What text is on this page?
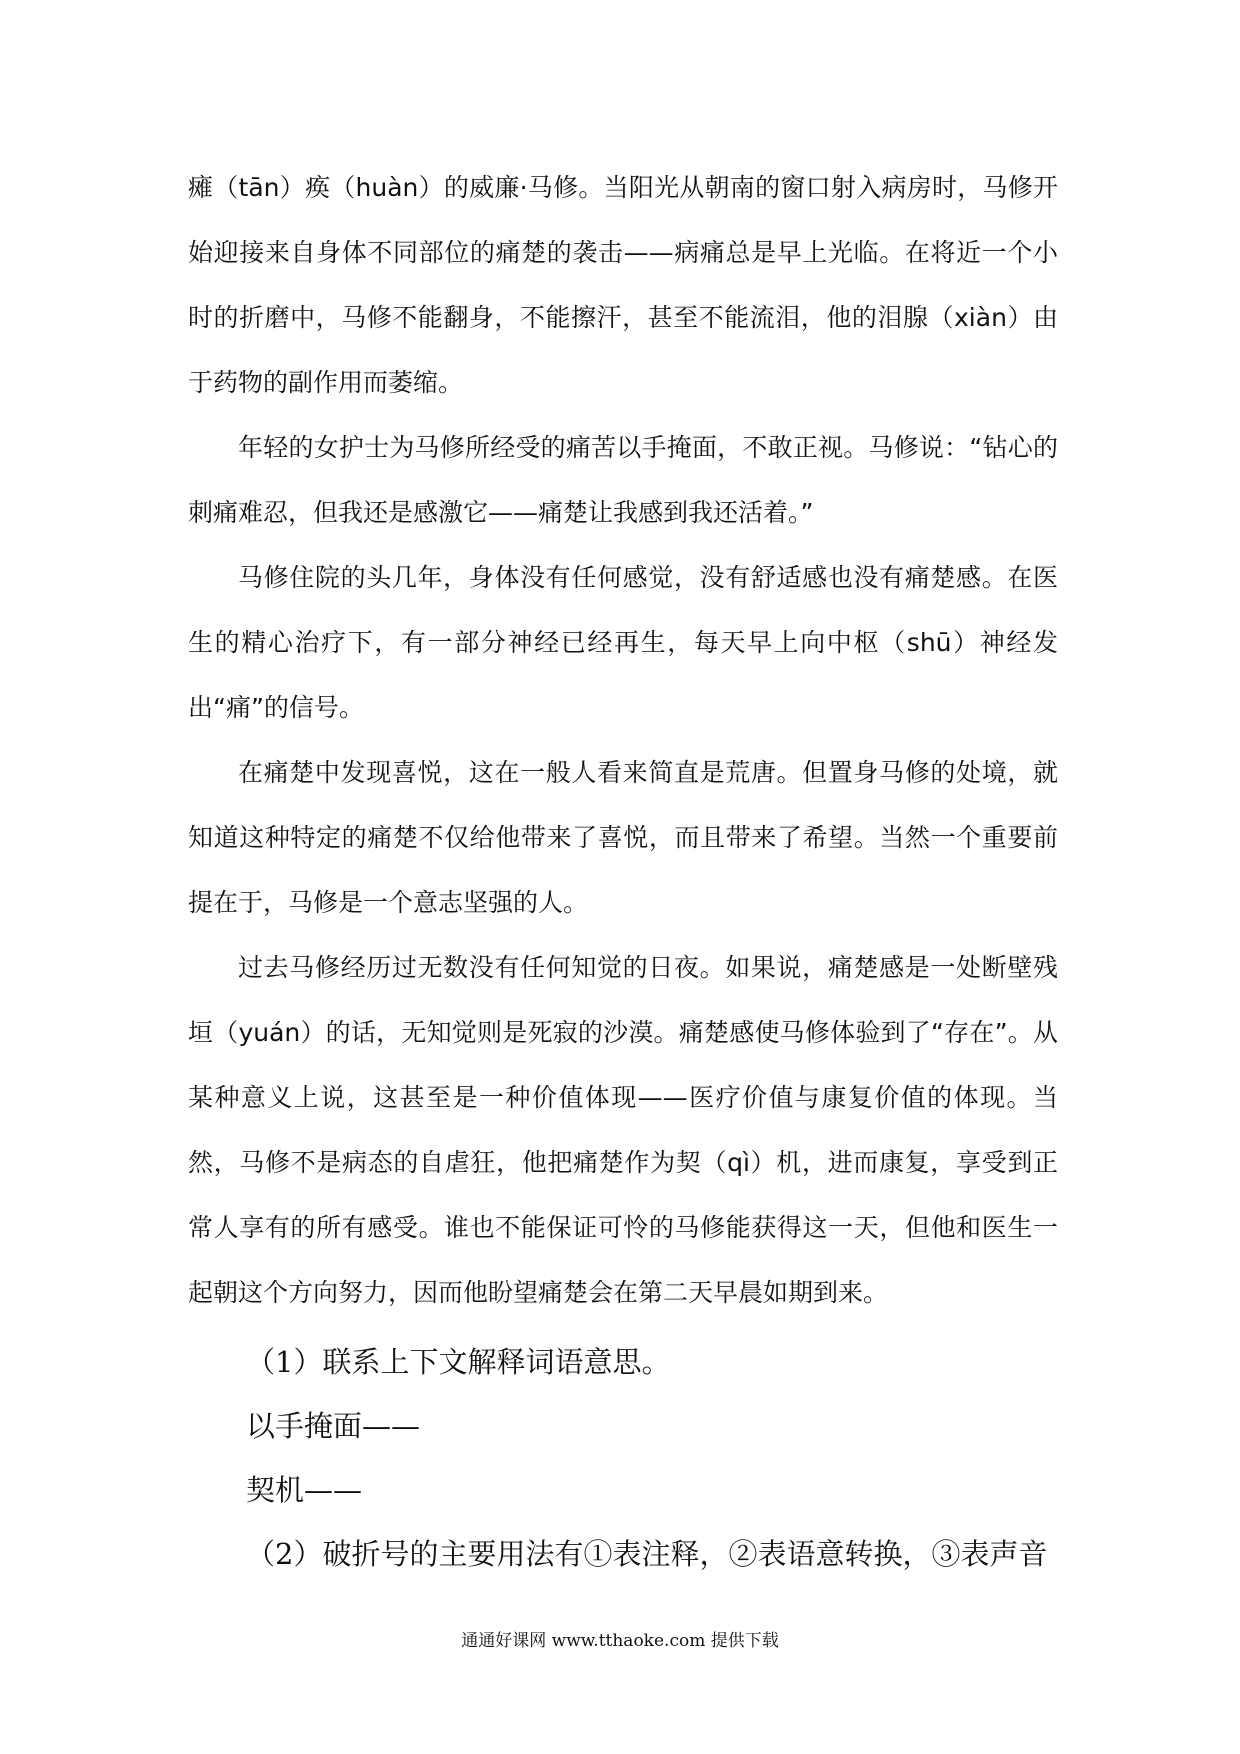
瘫（tān）痪（huàn）的威廉·马修。当阳光从朝南的窗口射入病房时，马修开始迎接来自身体不同部位的痛楚的袭击——病痛总是早上光临。在将近一个小时的折磨中，马修不能翻身，不能擦汗，甚至不能流泪，他的泪腺（xiàn）由于药物的副作用而萎缩。

年轻的女护士为马修所经受的痛苦以手掩面，不敢正视。马修说：“钻心的刺痛难忍，但我还是感激它——痛楚让我感到我还活着。”

马修住院的头几年，身体没有任何感觉，没有舒适感也没有痛楚感。在医生的精心治疗下，有一部分神经已经再生，每天早上向中枢（shū）神经发出“痛”的信号。

在痛楚中发现喜悦，这在一般人看来简直是荒唐。但置身马修的处境，就知道这种特定的痛楚不仅给他带来了喜悦，而且带来了希望。当然一个重要前提在于，马修是一个意志坚强的人。

过去马修经历过无数没有任何知觉的日夜。如果说，痛楚感是一处断壁残垣（yuán）的话，无知觉则是死寂的沙漠。痛楚感使马修体验到了“存在”。从某种意义上说，这甚至是一种价值体现——医疗价值与康复价值的体现。当然，马修不是病态的自虐狂，他把痛楚作为契（qì）机，进而康复，享受到正常人享有的所有感受。谁也不能保证可怜的马修能获得这一天，但他和医生一起朝这个方向努力，因而他盼望痛楚会在第二天早晨如期到来。

（1）联系上下文解释词语意思。

以手掩面——

契机——

（2）破折号的主要用法有①表注释，②表语意转换，③表声音

通通好课网 www.tthaoke.com 提供下载
